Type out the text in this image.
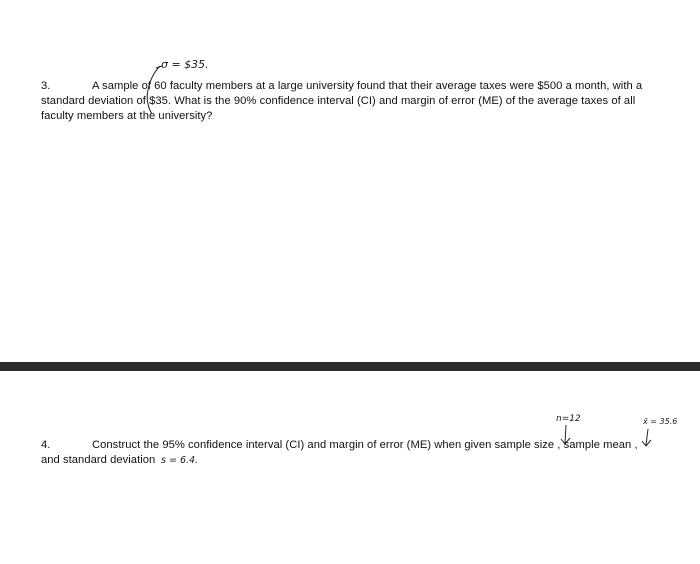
3.	A sample of 60 faculty members at a large university found that their average taxes were $500 a month, with a
standard deviation of $35. What is the 90% confidence interval (CI) and margin of error (ME) of the average taxes of all
faculty members at the university?
σ = $35.
n=12	x̄ = 35.6
4.	Construct the 95% confidence interval (CI) and margin of error (ME) when given sample size , sample mean ,
and standard deviation s = 6.4.
